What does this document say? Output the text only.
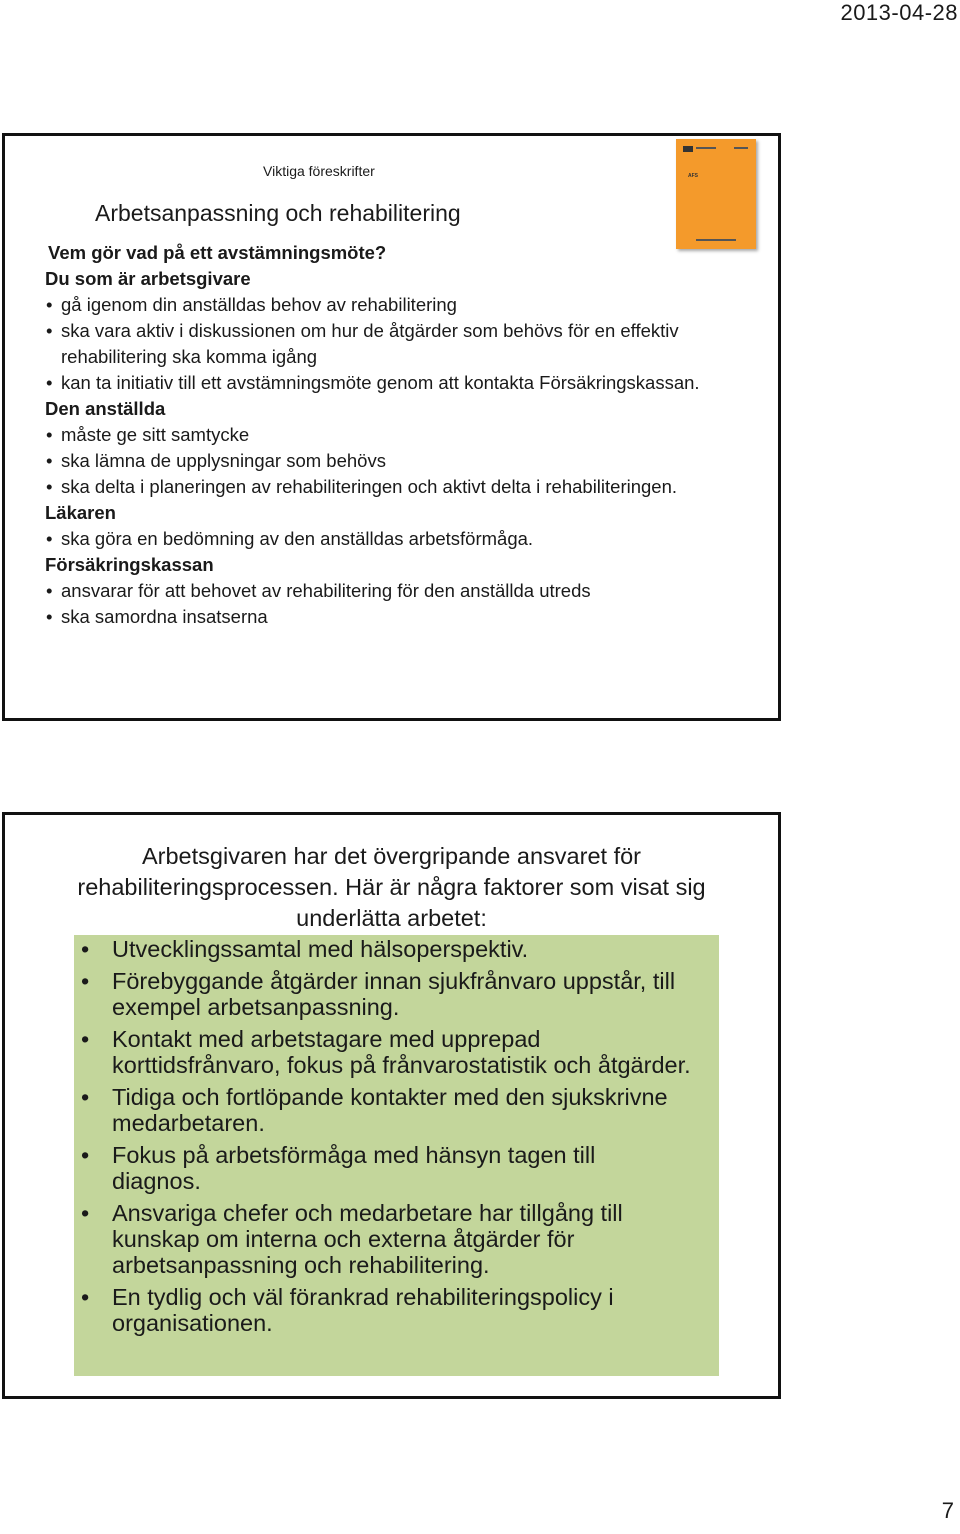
2013-04-28
Viktiga föreskrifter
Arbetsanpassning och rehabilitering
AFS
Vem gör vad på ett avstämningsmöte?
Du som är arbetsgivare
• gå igenom din anställdas behov av rehabilitering
• ska vara aktiv i diskussionen om hur de åtgärder som behövs för en effektiv
rehabilitering ska komma igång
• kan ta initiativ till ett avstämningsmöte genom att kontakta Försäkringskassan.
Den anställda
• måste ge sitt samtycke
• ska lämna de upplysningar som behövs
• ska delta i planeringen av rehabiliteringen och aktivt delta i rehabiliteringen.
Läkaren
• ska göra en bedömning av den anställdas arbetsförmåga.
Försäkringskassan
• ansvarar för att behovet av rehabilitering för den anställda utreds
• ska samordna insatserna
Arbetsgivaren har det övergripande ansvaret för
rehabiliteringsprocessen. Här är några faktorer som visat sig
underlätta arbetet:
• Utvecklingssamtal med hälsoperspektiv.
• Förebyggande åtgärder innan sjukfrånvaro uppstår, till
exempel arbetsanpassning.
• Kontakt med arbetstagare med upprepad
korttidsfrånvaro, fokus på frånvarostatistik och åtgärder.
• Tidiga och fortlöpande kontakter med den sjukskrivne
medarbetaren.
• Fokus på arbetsförmåga med hänsyn tagen till
diagnos.
• Ansvariga chefer och medarbetare har tillgång till
kunskap om interna och externa åtgärder för
arbetsanpassning och rehabilitering.
• En tydlig och väl förankrad rehabiliteringspolicy i
organisationen.
7
